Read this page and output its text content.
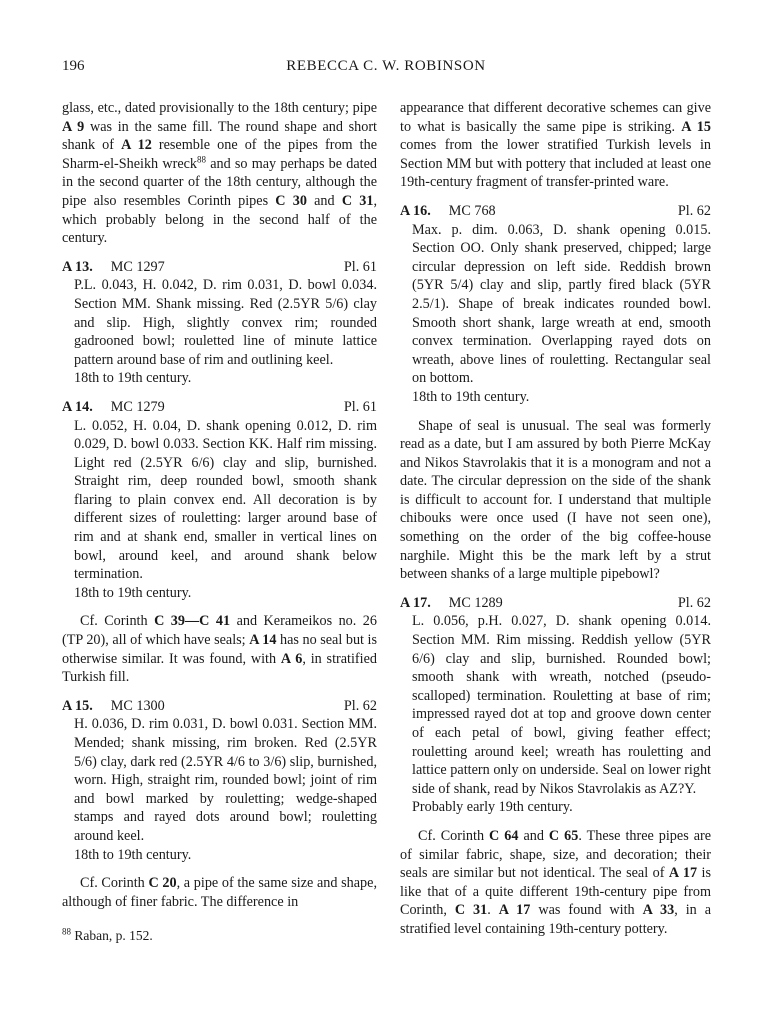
196	REBECCA C. W. ROBINSON

glass, etc., dated provisionally to the 18th century; pipe A 9 was in the same fill. The round shape and short shank of A 12 resemble one of the pipes from the Sharm-el-Sheikh wreck$^{88}$ and so may perhaps be dated in the second quarter of the 18th century, although the pipe also resembles Corinth pipes C 30 and C 31, which probably belong in the second half of the century.

A 13. MC 1297	Pl. 61
P.L. 0.043, H. 0.042, D. rim 0.031, D. bowl 0.034. Section MM. Shank missing. Red (2.5YR 5/6) clay and slip. High, slightly convex rim; rounded gadrooned bowl; rouletted line of minute lattice pattern around base of rim and outlining keel.
18th to 19th century.
A 14. MC 1279	Pl. 61
L. 0.052, H. 0.04, D. shank opening 0.012, D. rim 0.029, D. bowl 0.033. Section KK. Half rim missing. Light red (2.5YR 6/6) clay and slip, burnished. Straight rim, deep rounded bowl, smooth shank flaring to plain convex end. All decoration is by different sizes of rouletting: larger around base of rim and at shank end, smaller in vertical lines on bowl, around keel, and around shank below termination.
18th to 19th century.

Cf. Corinth C 39—C 41 and Kerameikos no. 26 (TP 20), all of which have seals; A 14 has no seal but is otherwise similar. It was found, with A 6, in stratified Turkish fill.

A 15. MC 1300	Pl. 62
H. 0.036, D. rim 0.031, D. bowl 0.031. Section MM. Mended; shank missing, rim broken. Red (2.5YR 5/6) clay, dark red (2.5YR 4/6 to 3/6) slip, burnished, worn. High, straight rim, rounded bowl; joint of rim and bowl marked by rouletting; wedge-shaped stamps and rayed dots around bowl; rouletting around keel.
18th to 19th century.

Cf. Corinth C 20, a pipe of the same size and shape, although of finer fabric. The difference in

$^{88}$ Raban, p. 152.

appearance that different decorative schemes can give to what is basically the same pipe is striking. A 15 comes from the lower stratified Turkish levels in Section MM but with pottery that included at least one 19th-century fragment of transfer-printed ware.

A 16. MC 768	Pl. 62
Max. p. dim. 0.063, D. shank opening 0.015. Section OO. Only shank preserved, chipped; large circular depression on left side. Reddish brown (5YR 5/4) clay and slip, partly fired black (5YR 2.5/1). Shape of break indicates rounded bowl. Smooth short shank, large wreath at end, smooth convex termination. Overlapping rayed dots on wreath, above lines of rouletting. Rectangular seal on bottom.
18th to 19th century.

Shape of seal is unusual. The seal was formerly read as a date, but I am assured by both Pierre McKay and Nikos Stavrolakis that it is a monogram and not a date. The circular depression on the side of the shank is difficult to account for. I understand that multiple chibouks were once used (I have not seen one), something on the order of the big coffee-house narghile. Might this be the mark left by a strut between shanks of a large multiple pipebowl?

A 17. MC 1289	Pl. 62
L. 0.056, p.H. 0.027, D. shank opening 0.014. Section MM. Rim missing. Reddish yellow (5YR 6/6) clay and slip, burnished. Rounded bowl; smooth shank with wreath, notched (pseudo-scalloped) termination. Rouletting at base of rim; impressed rayed dot at top and groove down center of each petal of bowl, giving feather effect; rouletting around keel; wreath has rouletting and lattice pattern only on underside. Seal on lower right side of shank, read by Nikos Stavrolakis as AZ?Y.
Probably early 19th century.

Cf. Corinth C 64 and C 65. These three pipes are of similar fabric, shape, size, and decoration; their seals are similar but not identical. The seal of A 17 is like that of a quite different 19th-century pipe from Corinth, C 31. A 17 was found with A 33, in a stratified level containing 19th-century pottery.
